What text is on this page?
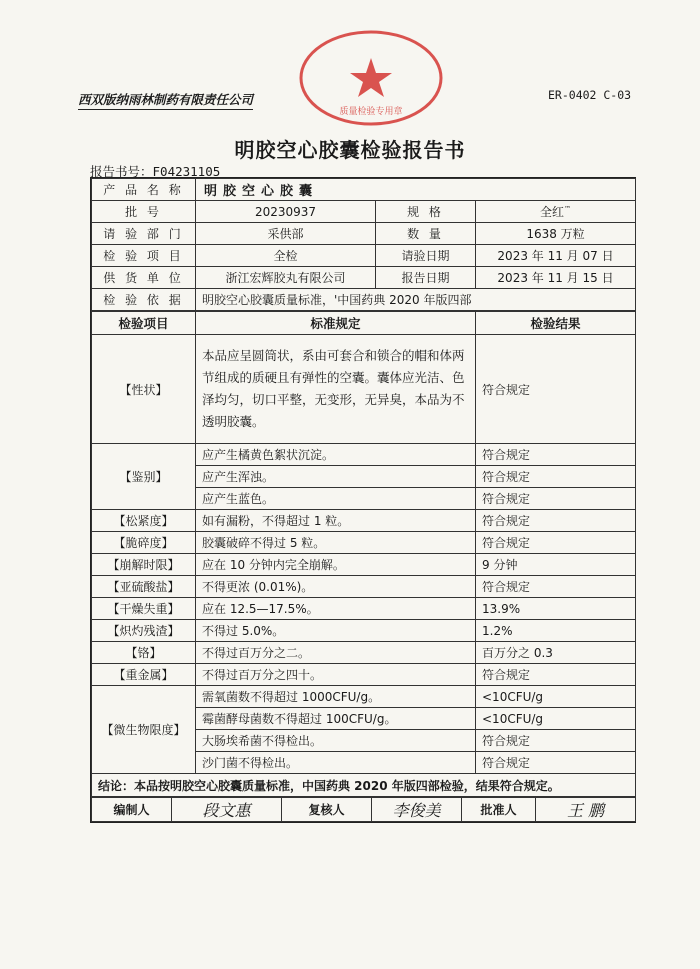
西双版纳雨林制药有限责任公司	ER-0402 C-03
质量检验专用章
明胶空心胶囊检验报告书
报告书号：F04231105
产 品 名 称	明胶空心胶囊		
批 号	20230937	规 格	全红™
请 验 部 门	采供部	数 量	1638 万粒
检 验 项 目	全检	请验日期	2023 年 11 月 07 日
供 货 单 位	浙江宏辉胶丸有限公司	报告日期	2023 年 11 月 15 日
检 验 依 据	明胶空心胶囊质量标准，'中国药典 2020 年版四部		
检验项目	标准规定	检验结果
【性状】	本品应呈圆筒状，系由可套合和锁合的帽和体两节组成的质硬且有弹性的空囊。囊体应光洁、色泽均匀，切口平整，无变形，无异臭，本品为不透明胶囊。	符合规定
【鉴别】	应产生橘黄色絮状沉淀。	符合规定
	应产生浑浊。	符合规定
	应产生蓝色。	符合规定
【松紧度】	如有漏粉，不得超过 1 粒。	符合规定
【脆碎度】	胶囊破碎不得过 5 粒。	符合规定
【崩解时限】	应在 10 分钟内完全崩解。	9 分钟
【亚硫酸盐】	不得更浓 (0.01%)。	符合规定
【干燥失重】	应在 12.5—17.5%。	13.9%
【炽灼残渣】	不得过 5.0%。	1.2%
【铬】	不得过百万分之二。	百万分之 0.3
【重金属】	不得过百万分之四十。	符合规定
【微生物限度】	需氧菌数不得超过 1000CFU/g。	<10CFU/g
	霉菌酵母菌数不得超过 100CFU/g。	<10CFU/g
	大肠埃希菌不得检出。	符合规定
	沙门菌不得检出。	符合规定
结论：本品按明胶空心胶囊质量标准，中国药典 2020 年版四部检验，结果符合规定。		
编制人	段文惠	复核人	李俊美	批准人	王 鹏
